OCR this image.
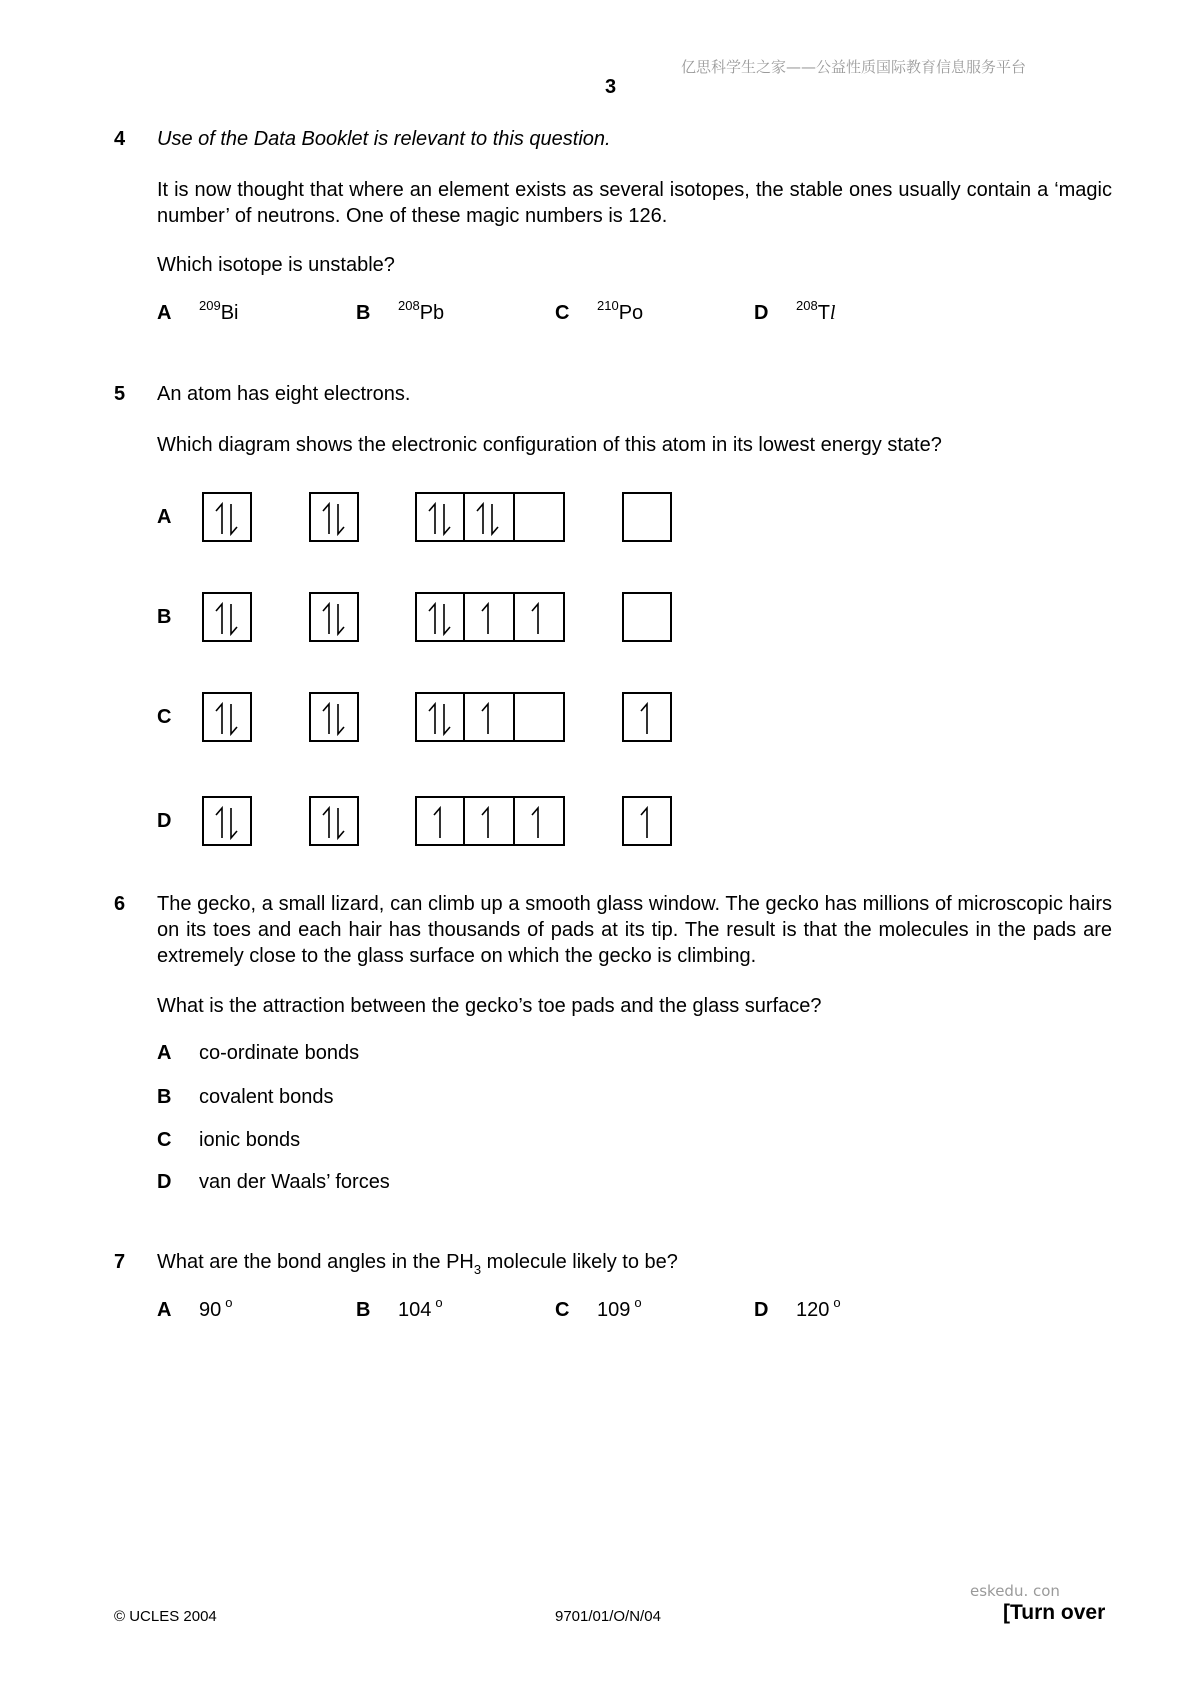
亿思科学生之家——公益性质国际教育信息服务平台
3
4 Use of the Data Booklet is relevant to this question.
It is now thought that where an element exists as several isotopes, the stable ones usually contain a ‘magic number’ of neutrons. One of these magic numbers is 126.
Which isotope is unstable?
A $^{209}$Bi	B $^{208}$Pb	C $^{210}$Po	D $^{208}$Tl
5 An atom has eight electrons.
Which diagram shows the electronic configuration of this atom in its lowest energy state?
A
B
C
D
6 The gecko, a small lizard, can climb up a smooth glass window. The gecko has millions of microscopic hairs on its toes and each hair has thousands of pads at its tip. The result is that the molecules in the pads are extremely close to the glass surface on which the gecko is climbing.
What is the attraction between the gecko’s toe pads and the glass surface?
A co-ordinate bonds
B covalent bonds
C ionic bonds
D van der Waals’ forces
7 What are the bond angles in the $PH_3$ molecule likely to be?
A 90 $^o$	B 104 $^o$	C 109 $^o$	D 120 $^o$
eskedu. con
© UCLES 2004	9701/01/O/N/04	[Turn over
